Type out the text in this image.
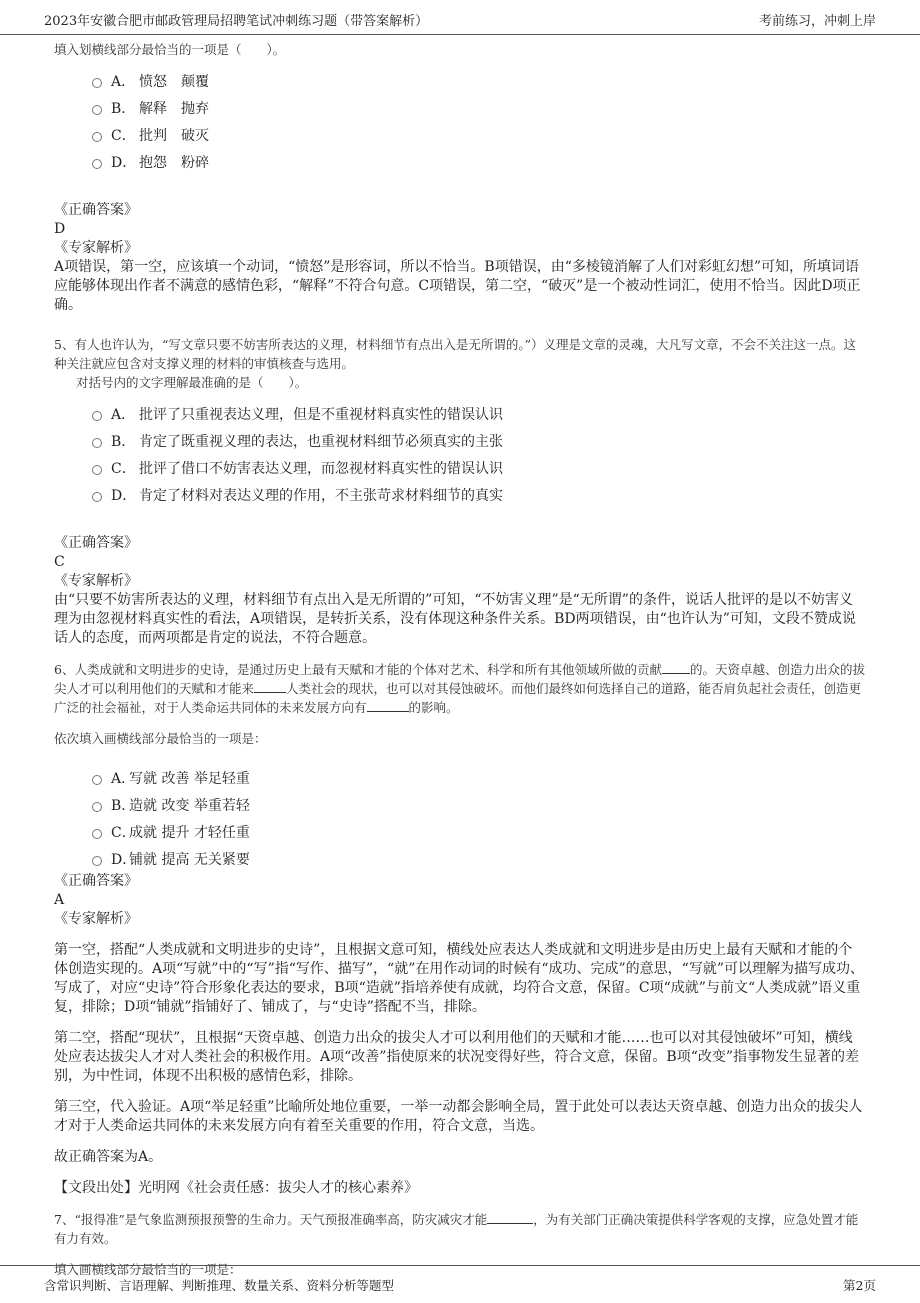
2023年安徽合肥市邮政管理局招聘笔试冲刺练习题（带答案解析）	考前练习，冲刺上岸

填入划横线部分最恰当的一项是（　　）。

A． 愤怒 颠覆
B． 解释 抛弃
C． 批判 破灭
D． 抱怨 粉碎

《正确答案》

D

《专家解析》

A项错误，第一空，应该填一个动词，“愤怒”是形容词，所以不恰当。B项错误，由“多棱镜消解了人们对彩虹幻想”可知，所填词语应能够体现出作者不满意的感情色彩，“解释”不符合句意。C项错误，第二空，“破灭”是一个被动性词汇，使用不恰当。因此D项正确。

5、有人也许认为，“写文章只要不妨害所表达的义理，材料细节有点出入是无所谓的。”）义理是文章的灵魂，大凡写文章，不会不关注这一点。这种关注就应包含对支撑义理的材料的审慎核查与选用。

对括号内的文字理解最准确的是（　　）。

A． 批评了只重视表达义理，但是不重视材料真实性的错误认识
B． 肯定了既重视义理的表达，也重视材料细节必须真实的主张
C． 批评了借口不妨害表达义理，而忽视材料真实性的错误认识
D． 肯定了材料对表达义理的作用，不主张苛求材料细节的真实

《正确答案》

C

《专家解析》

由“只要不妨害所表达的义理，材料细节有点出入是无所谓的”可知，“不妨害义理”是“无所谓”的条件，说话人批评的是以不妨害义理为由忽视材料真实性的看法，A项错误，是转折关系，没有体现这种条件关系。BD两项错误，由“也许认为”可知，文段不赞成说话人的态度，而两项都是肯定的说法，不符合题意。

6、人类成就和文明进步的史诗，是通过历史上最有天赋和才能的个体对艺术、科学和所有其他领域所做的贡献 的。天资卓越、创造力出众的拔尖人才可以利用他们的天赋和才能来	人类社会的现状，也可以对其侵蚀破坏。而他们最终如何选择自己的道路，能否肩负起社会责任，创造更广泛的社会福祉，对于人类命运共同体的未来发展方向有	的影响。

依次填入画横线部分最恰当的一项是：

A．
写就 改善 举足轻重
B．
造就 改变 举重若轻
C．
成就 提升 才轻任重
D．
铺就 提高 无关紧要

《正确答案》

A

《专家解析》

第一空，搭配“人类成就和文明进步的史诗”，且根据文意可知，横线处应表达人类成就和文明进步是由历史上最有天赋和才能的个体创造实现的。A项“写就”中的“写”指“写作、描写”，“就”在用作动词的时候有“成功、完成”的意思，“写就”可以理解为描写成功、写成了，对应“史诗”符合形象化表达的要求，B项“造就”指培养使有成就，均符合文意，保留。C项“成就”与前文“人类成就”语义重复，排除；D项“铺就”指铺好了、铺成了，与“史诗”搭配不当，排除。

第二空，搭配“现状”，且根据“天资卓越、创造力出众的拔尖人才可以利用他们的天赋和才能……也可以对其侵蚀破坏”可知，横线处应表达拔尖人才对人类社会的积极作用。A项“改善”指使原来的状况变得好些，符合文意，保留。B项“改变”指事物发生显著的差别，为中性词，体现不出积极的感情色彩，排除。

第三空，代入验证。A项“举足轻重”比喻所处地位重要，一举一动都会影响全局，置于此处可以表达天资卓越、创造力出众的拔尖人才对于人类命运共同体的未来发展方向有着至关重要的作用，符合文意，当选。

故正确答案为A。

【文段出处】光明网《社会责任感：拔尖人才的核心素养》

7、“报得准”是气象监测预报预警的生命力。天气预报准确率高，防灾减灾才能	，为有关部门正确决策提供科学客观的支撑，应急处置才能有力有效。

填入画横线部分最恰当的一项是：

含常识判断、言语理解、判断推理、数量关系、资料分析等题型	第2页
